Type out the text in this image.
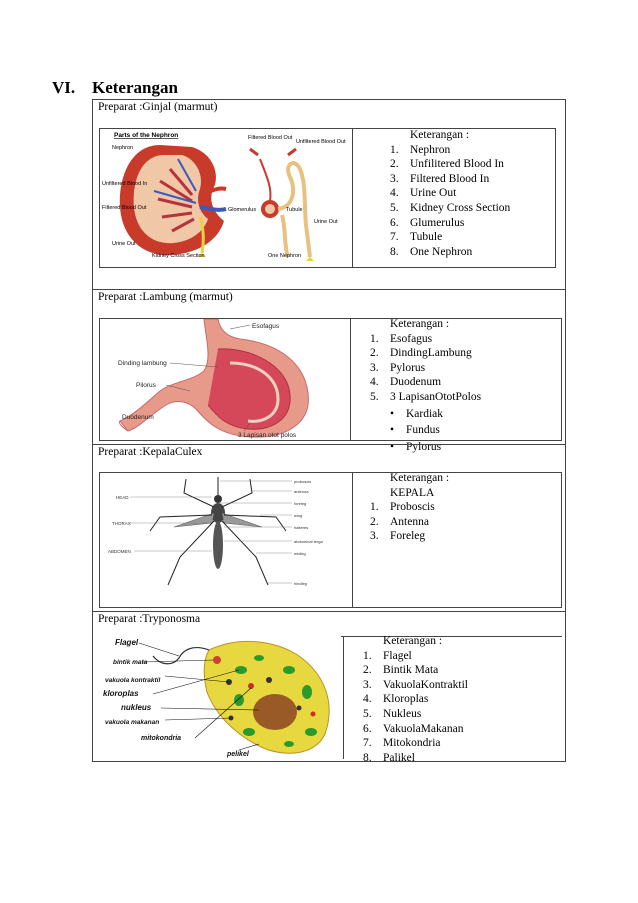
VI. Keterangan
Preparat :Ginjal (marmut)
Parts of the Nephron
Nephron
Unfiltered Blood In
Filtered Blood Out
Urine Out
Kidney Cross Section
Filtered Blood Out
Unfiltered Blood Out
Glomerulus	Tubule
Urine Out
One Nephron
Keterangan :
1. Nephron
2. Unfilitered Blood In
3. Filtered Blood In
4. Urine Out
5. Kidney Cross Section
6. Glumerulus
7. Tubule
8. One Nephron
Preparat :Lambung (marmut)
Esofagus
Dinding lambung
Pilorus
Duodenum
3 Lapisan otot polos
Keterangan :
1. Esofagus
2. DindingLambung
3. Pylorus
4. Duodenum
5. 3 LapisanOtotPolos
• Kardiak
• Fundus
• Pylorus
Preparat :KepalaCulex
HEAD
THORAX
ABDOMEN
proboscis
antenna
foreleg
wing
halteres
abdominal terga
midleg
hindleg
Keterangan :
KEPALA
1. Proboscis
2. Antenna
3. Foreleg
Preparat :Tryponosma
Flagel
bintik mata
vakuola kontraktil
kloroplas
nukleus
vakuola makanan
mitokondria
pelikel
Keterangan :
1. Flagel
2. Bintik Mata
3. VakuolaKontraktil
4. Kloroplas
5. Nukleus
6. VakuolaMakanan
7. Mitokondria
8. Palikel
